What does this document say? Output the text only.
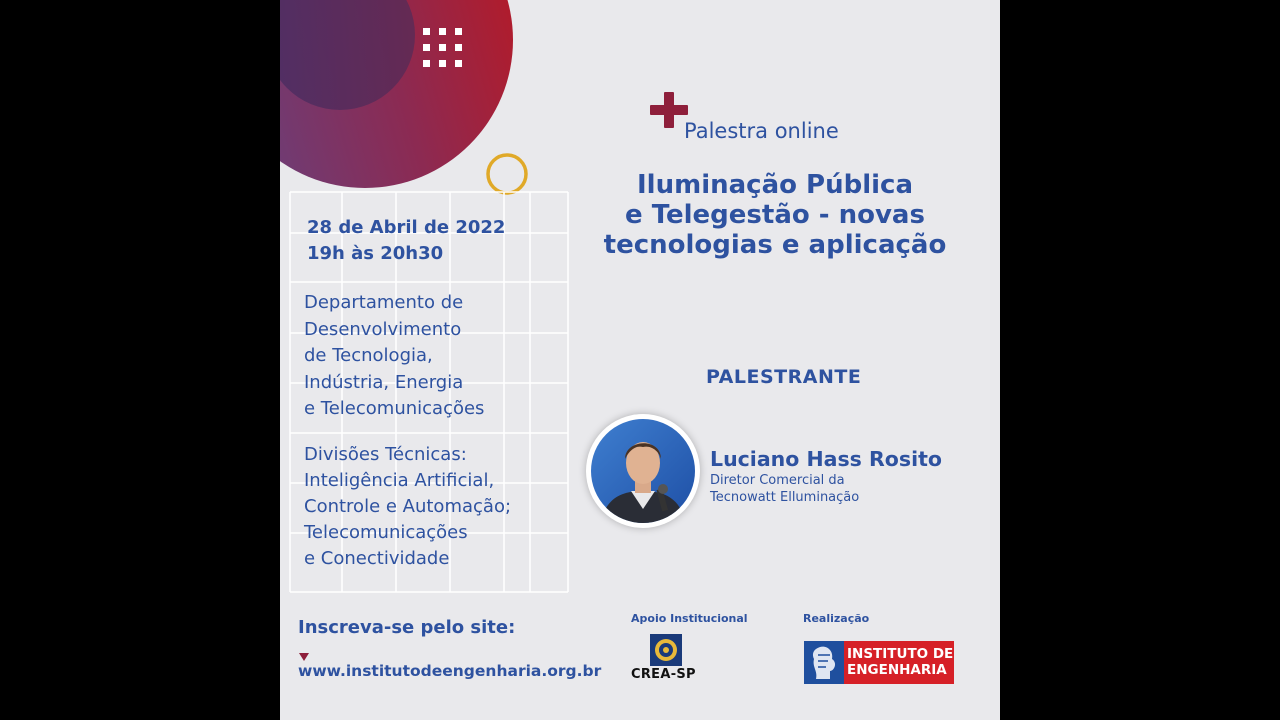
28 de Abril de 2022
19h às 20h30
Departamento de
Desenvolvimento
de Tecnologia,
Indústria, Energia
e Telecomunicações
Divisões Técnicas:
Inteligência Artificial,
Controle e Automação;
Telecomunicações
e Conectividade
Palestra online
Iluminação Pública
e Telegestão - novas
tecnologias e aplicação
PALESTRANTE
Luciano Hass Rosito
Diretor Comercial da
Tecnowatt Elluminação
Inscreva-se pelo site:
www.institutodeengenharia.org.br
Apoio Institucional
CREA-SP
Realização
INSTITUTO DE
ENGENHARIA
